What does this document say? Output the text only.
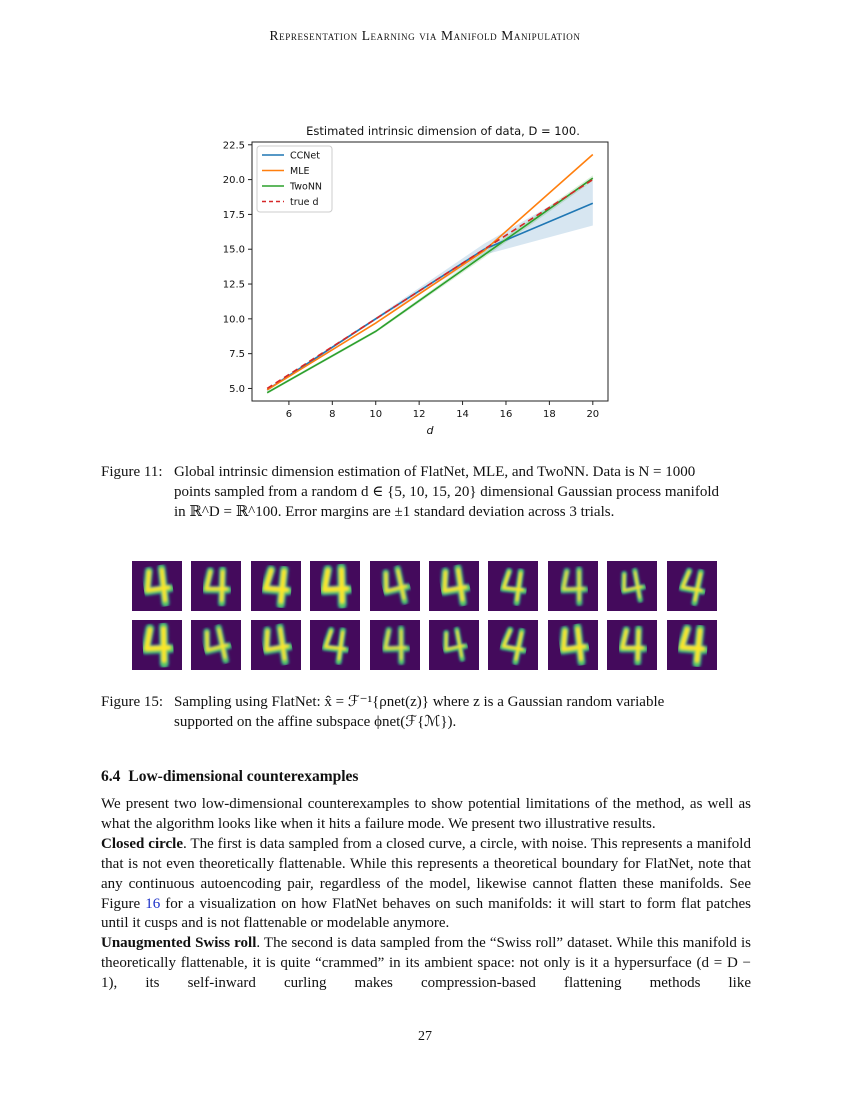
Representation Learning via Manifold Manipulation
Estimated intrinsic dimension of data, D = 100.
6	8	10	12	14	16	18	20
5.0
7.5
10.0
12.5
15.0
17.5
20.0
22.5
d
CCNet
MLE
TwoNN
true d
Figure 11: Global intrinsic dimension estimation of FlatNet, MLE, and TwoNN. Data is N = 1000
points sampled from a random d ∈ {5, 10, 15, 20} dimensional Gaussian process manifold
in ℝ^D = ℝ^100. Error margins are ±1 standard deviation across 3 trials.
Figure 15: Sampling using FlatNet: x̂ = ℱ⁻¹{ρnet(z)} where z is a Gaussian random variable
supported on the affine subspace ϕnet(ℱ{ℳ}).
6.4 Low-dimensional counterexamples

We present two low-dimensional counterexamples to show potential limitations of the method, as well as what the algorithm looks like when it hits a failure mode. We present two illustrative results.

Closed circle. The first is data sampled from a closed curve, a circle, with noise. This represents a manifold that is not even theoretically flattenable. While this represents a theoretical boundary for FlatNet, note that any continuous autoencoding pair, regardless of the model, likewise cannot flatten these manifolds. See Figure 16 for a visualization on how FlatNet behaves on such manifolds: it will start to form flat patches until it cusps and is not flattenable or modelable anymore.

Unaugmented Swiss roll. The second is data sampled from the “Swiss roll” dataset. While this manifold is theoretically flattenable, it is quite “crammed” in its ambient space: not only is it a hypersurface (d = D − 1), its self-inward curling makes compression-based flattening methods like

27
